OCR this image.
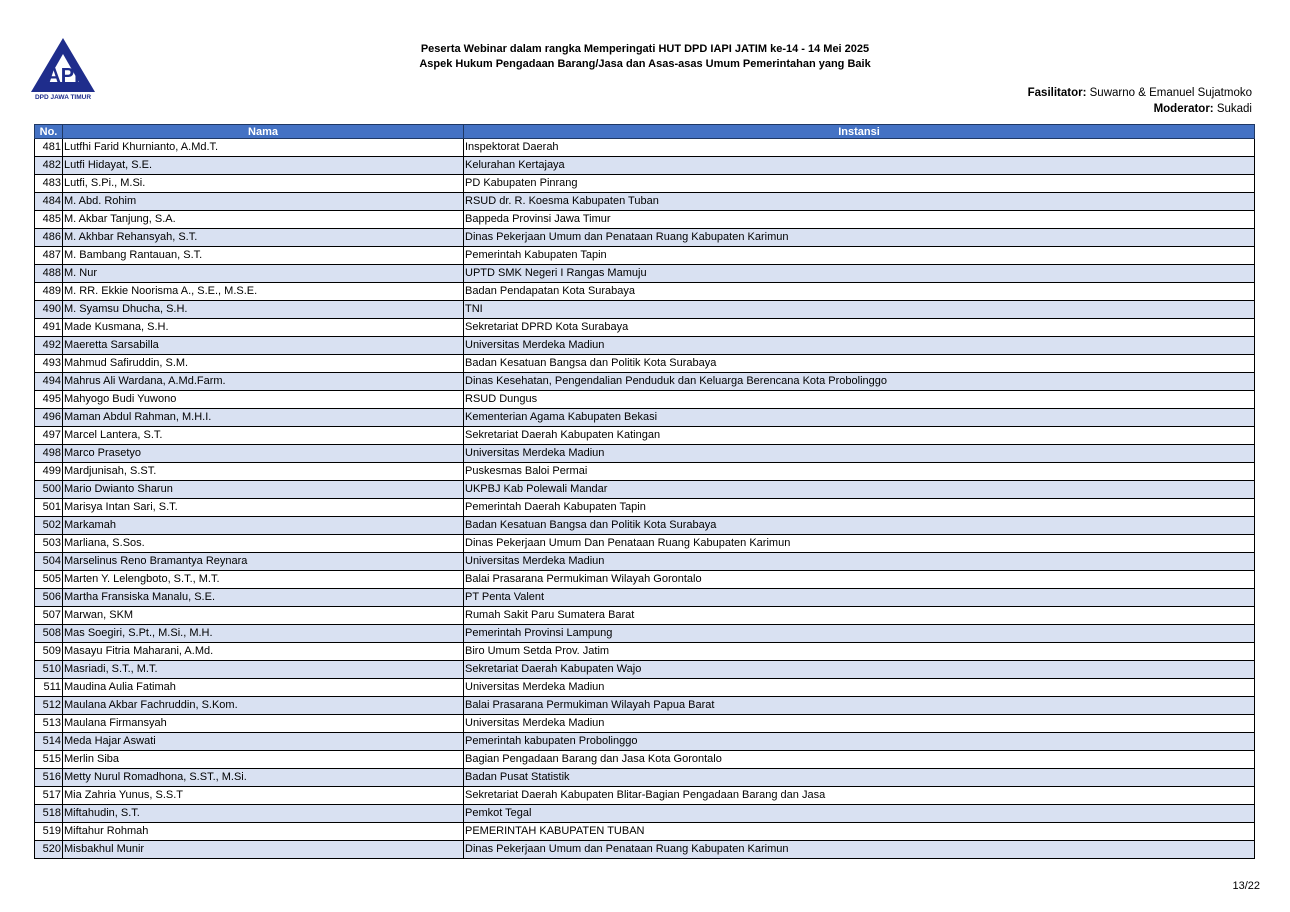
API
DPD JAWA TIMUR
Peserta Webinar dalam rangka Memperingati HUT DPD IAPI JATIM ke-14 - 14 Mei 2025
Aspek Hukum Pengadaan Barang/Jasa dan Asas-asas Umum Pemerintahan yang Baik
Fasilitator: Suwarno & Emanuel Sujatmoko
Moderator: Sukadi
No.	Nama	Instansi
481	Lutfhi Farid Khurnianto, A.Md.T.	Inspektorat Daerah
482	Lutfi Hidayat, S.E.	Kelurahan Kertajaya
483	Lutfi, S.Pi., M.Si.	PD Kabupaten Pinrang
484	M. Abd. Rohim	RSUD dr. R. Koesma Kabupaten Tuban
485	M. Akbar Tanjung, S.A.	Bappeda Provinsi Jawa Timur
486	M. Akhbar Rehansyah, S.T.	Dinas Pekerjaan Umum dan Penataan Ruang Kabupaten Karimun
487	M. Bambang Rantauan, S.T.	Pemerintah Kabupaten Tapin
488	M. Nur	UPTD SMK Negeri I Rangas Mamuju
489	M. RR. Ekkie Noorisma A., S.E., M.S.E.	Badan Pendapatan Kota Surabaya
490	M. Syamsu Dhucha, S.H.	TNI
491	Made Kusmana, S.H.	Sekretariat DPRD Kota Surabaya
492	Maeretta Sarsabilla	Universitas Merdeka Madiun
493	Mahmud Safiruddin, S.M.	Badan Kesatuan Bangsa dan Politik Kota Surabaya
494	Mahrus Ali Wardana, A.Md.Farm.	Dinas Kesehatan, Pengendalian Penduduk dan Keluarga Berencana Kota Probolinggo
495	Mahyogo Budi Yuwono	RSUD Dungus
496	Maman Abdul Rahman, M.H.I.	Kementerian Agama Kabupaten Bekasi
497	Marcel Lantera, S.T.	Sekretariat Daerah Kabupaten Katingan
498	Marco Prasetyo	Universitas Merdeka Madiun
499	Mardjunisah, S.ST.	Puskesmas Baloi Permai
500	Mario Dwianto Sharun	UKPBJ Kab Polewali Mandar
501	Marisya Intan Sari, S.T.	Pemerintah Daerah Kabupaten Tapin
502	Markamah	Badan Kesatuan Bangsa dan Politik Kota Surabaya
503	Marliana, S.Sos.	Dinas Pekerjaan Umum Dan Penataan Ruang Kabupaten Karimun
504	Marselinus Reno Bramantya Reynara	Universitas Merdeka Madiun
505	Marten Y. Lelengboto, S.T., M.T.	Balai Prasarana Permukiman Wilayah Gorontalo
506	Martha Fransiska Manalu, S.E.	PT Penta Valent
507	Marwan, SKM	Rumah Sakit Paru Sumatera Barat
508	Mas Soegiri, S.Pt., M.Si., M.H.	Pemerintah Provinsi Lampung
509	Masayu Fitria Maharani, A.Md.	Biro Umum Setda Prov. Jatim
510	Masriadi, S.T., M.T.	Sekretariat Daerah Kabupaten Wajo
511	Maudina Aulia Fatimah	Universitas Merdeka Madiun
512	Maulana Akbar Fachruddin, S.Kom.	Balai Prasarana Permukiman Wilayah Papua Barat
513	Maulana Firmansyah	Universitas Merdeka Madiun
514	Meda Hajar Aswati	Pemerintah kabupaten Probolinggo
515	Merlin Siba	Bagian Pengadaan Barang dan Jasa Kota Gorontalo
516	Metty Nurul Romadhona, S.ST., M.Si.	Badan Pusat Statistik
517	Mia Zahria Yunus, S.S.T	Sekretariat Daerah Kabupaten Blitar-Bagian Pengadaan Barang dan Jasa
518	Miftahudin, S.T.	Pemkot Tegal
519	Miftahur Rohmah	PEMERINTAH KABUPATEN TUBAN
520	Misbakhul Munir	Dinas Pekerjaan Umum dan Penataan Ruang Kabupaten Karimun
13/22
